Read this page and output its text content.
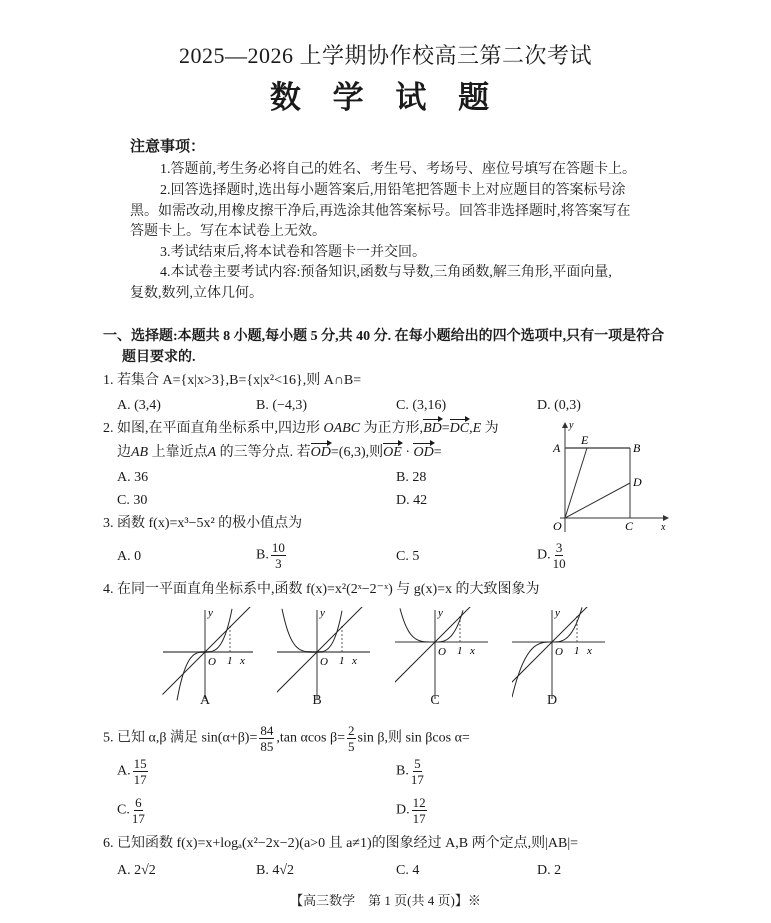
2025—2026 上学期协作校高三第二次考试
数 学 试 题
注意事项：
1.答题前,考生务必将自己的姓名、考生号、考场号、座位号填写在答题卡上。
2.回答选择题时,选出每小题答案后,用铅笔把答题卡上对应题目的答案标号涂
黑。如需改动,用橡皮擦干净后,再选涂其他答案标号。回答非选择题时,将答案写在
答题卡上。写在本试卷上无效。
3.考试结束后,将本试卷和答题卡一并交回。
4.本试卷主要考试内容:预备知识,函数与导数,三角函数,解三角形,平面向量,
复数,数列,立体几何。
一、选择题:本题共 8 小题,每小题 5 分,共 40 分. 在每小题给出的四个选项中,只有一项是符合
题目要求的.
1. 若集合 A={x|x>3},B={x|x²<16},则 A∩B=
A. (3,4)	B. (−4,3)	C. (3,16)	D. (0,3)
2. 如图,在平面直角坐标系中,四边形 OABC 为正方形,BD=DC,E 为
边AB 上靠近点A 的三等分点. 若OD=(6,3),则OE · OD=
A. 36	B. 28
C. 30	D. 42
y
x
O
A	B
C
D
E
3. 函数 f(x)=x³−5x² 的极小值点为
A. 0	B. $\frac{10}{3}$	C. 5	D. $\frac{3}{10}$
4. 在同一平面直角坐标系中,函数 f(x)=x²(2ˣ−2⁻ˣ) 与 g(x)=x 的大致图象为
y
O 1 x
A
y
O 1 x
B
y
O 1 x
C
y
O 1 x
D
5. 已知 α,β 满足 $\sin(\alpha+\beta)= \frac{84}{85} ,\tan$ αcos $\beta= \frac{2}{5}$ sin β,则 sin βcos α=
A. $\frac{15}{17}$	B. $\frac{5}{17}$
C. $\frac{6}{17}$	D. $\frac{12}{17}$
6. 已知函数 f(x)=x+logₐ(x²−2x−2)(a>0 且 a≠1)的图象经过 A,B 两个定点,则|AB|=
A. 2√2	B. 4√2	C. 4	D. 2
【高三数学　第 1 页(共 4 页)】※
